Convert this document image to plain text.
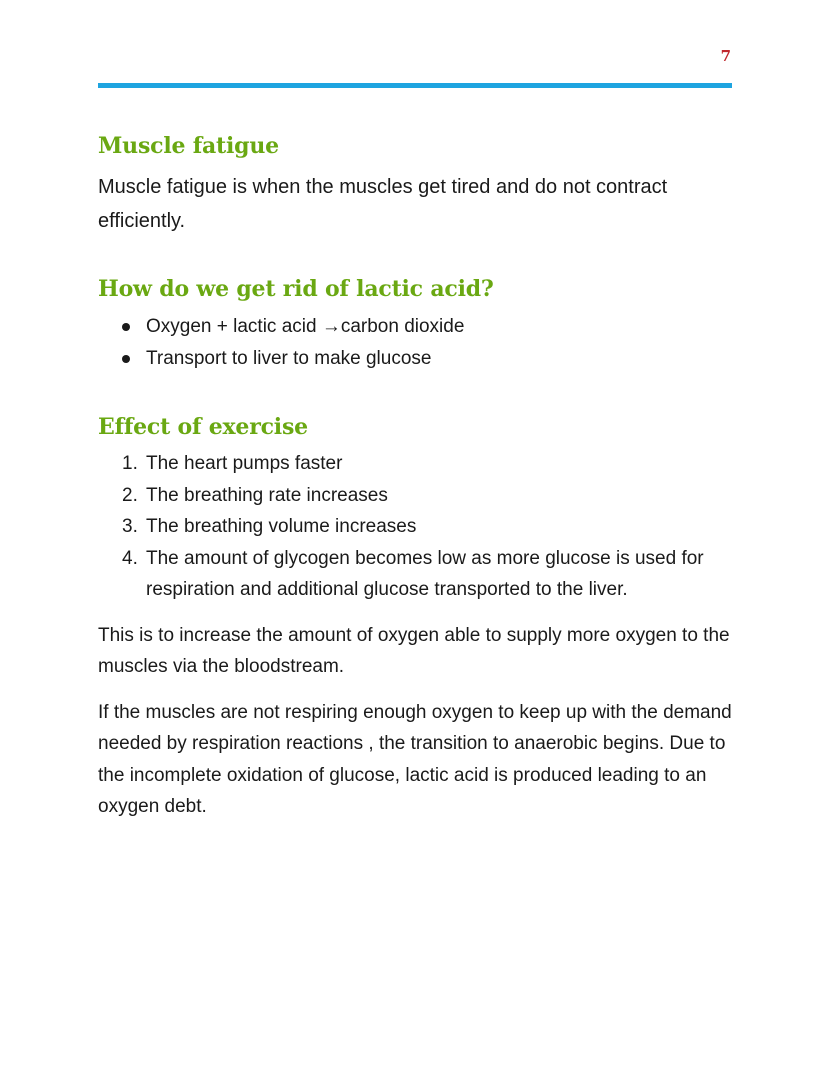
7
Muscle fatigue

Muscle fatigue is when the muscles get tired and do not contract efficiently.

How do we get rid of lactic acid?
Oxygen + lactic acid →carbon dioxide
Transport to liver to make glucose
Effect of exercise
1. The heart pumps faster
2. The breathing rate increases
3. The breathing volume increases
4. The amount of glycogen becomes low as more glucose is used for respiration and additional glucose transported to the liver.

This is to increase the amount of oxygen able to supply more oxygen to the muscles via the bloodstream.

If the muscles are not respiring enough oxygen to keep up with the demand needed by respiration reactions , the transition to anaerobic begins. Due to the incomplete oxidation of glucose, lactic acid is produced leading to an oxygen debt.
